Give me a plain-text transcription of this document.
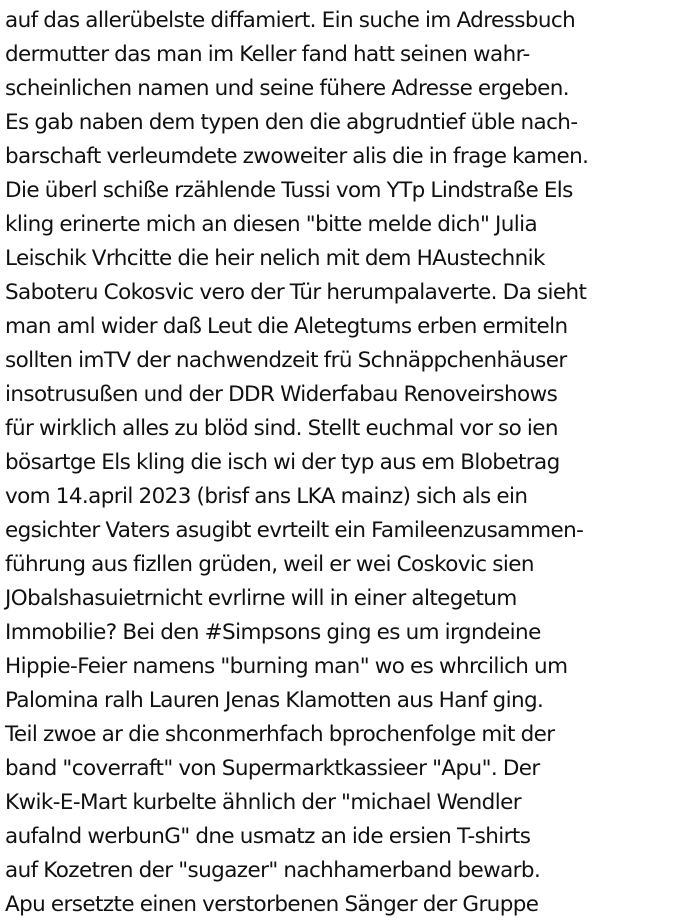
auf das allerübelste diffamiert. Ein suche im Adressbuch
dermutter das man im Keller fand hatt seinen wahr-
scheinlichen namen und seine fühere Adresse ergeben.
Es gab naben dem typen den die abgrudntief üble nach-
barschaft verleumdete zwoweiter alis die in frage kamen.
Die überl schiße rzählende Tussi vom YTp Lindstraße Els
kling erinerte mich an diesen "bitte melde dich" Julia
Leischik Vrhcitte die heir nelich mit dem HAustechnik
Saboteru Cokosvic vero der Tür herumpalaverte. Da sieht
man aml wider daß Leut die Aletegtums erben ermiteln
sollten imTV der nachwendzeit frü Schnäppchenhäuser
insotrusußen und der DDR Widerfabau Renoveirshows
für wirklich alles zu blöd sind. Stellt euchmal vor so ien
bösartge Els kling die isch wi der typ aus em Blobetrag
vom 14.april 2023 (brisf ans LKA mainz) sich als ein
egsichter Vaters asugibt evrteilt ein Familеenzusammen-
führung aus fizllen grüden, weil er wei Coskovic sien
JObalshasuietrnicht evrlirne will in einer altegetum
Immobilie? Bei den #Simpsons ging es um irgndeine
Hippie-Feier namens "burning man" wo es whrcilich um
Palomina ralh Lauren Jenas Klamotten aus Hanf ging.
Teil zwoe ar die shconmerhfach bprochenfolge mit der
band "coverraft" von Supermarktkassieer "Apu". Der
Kwik-E-Mart kurbelte ähnlich der "michael Wendler
aufalnd werbunG" dne usmatz an ide ersien T-shirts
auf Kozetren der "sugazer" nachhamerband bewarb.
Apu ersetzte einen verstorbenen Sänger der Gruppe
